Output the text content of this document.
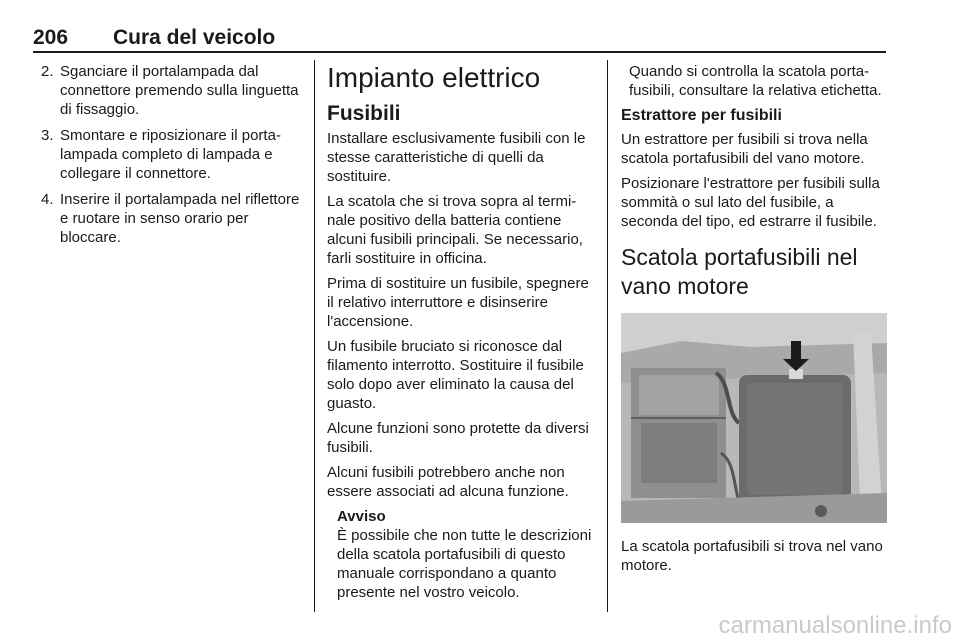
206 Cura del veicolo
2. Sganciare il portalampada dal connettore premendo sulla linguetta di fissaggio.
3. Smontare e riposizionare il portalampada completo di lampada e collegare il connettore.
4. Inserire il portalampada nel riflettore e ruotare in senso orario per bloccare.
Impianto elettrico
Fusibili

Installare esclusivamente fusibili con le stesse caratteristiche di quelli da sostituire.

La scatola che si trova sopra al terminale positivo della batteria contiene alcuni fusibili principali. Se necessario, farli sostituire in officina.

Prima di sostituire un fusibile, spegnere il relativo interruttore e disinserire l'accensione.

Un fusibile bruciato si riconosce dal filamento interrotto. Sostituire il fusibile solo dopo aver eliminato la causa del guasto.

Alcune funzioni sono protette da diversi fusibili.

Alcuni fusibili potrebbero anche non essere associati ad alcuna funzione.

Avviso
È possibile che non tutte le descrizioni della scatola portafusibili di questo manuale corrispondano a quanto presente nel vostro veicolo.

Quando si controlla la scatola portafusibili, consultare la relativa etichetta.

Estrattore per fusibili

Un estrattore per fusibili si trova nella scatola portafusibili del vano motore.

Posizionare l'estrattore per fusibili sulla sommità o sul lato del fusibile, a seconda del tipo, ed estrarre il fusibile.

Scatola portafusibili nel vano motore

La scatola portafusibili si trova nel vano motore.

carmanualsonline.info
